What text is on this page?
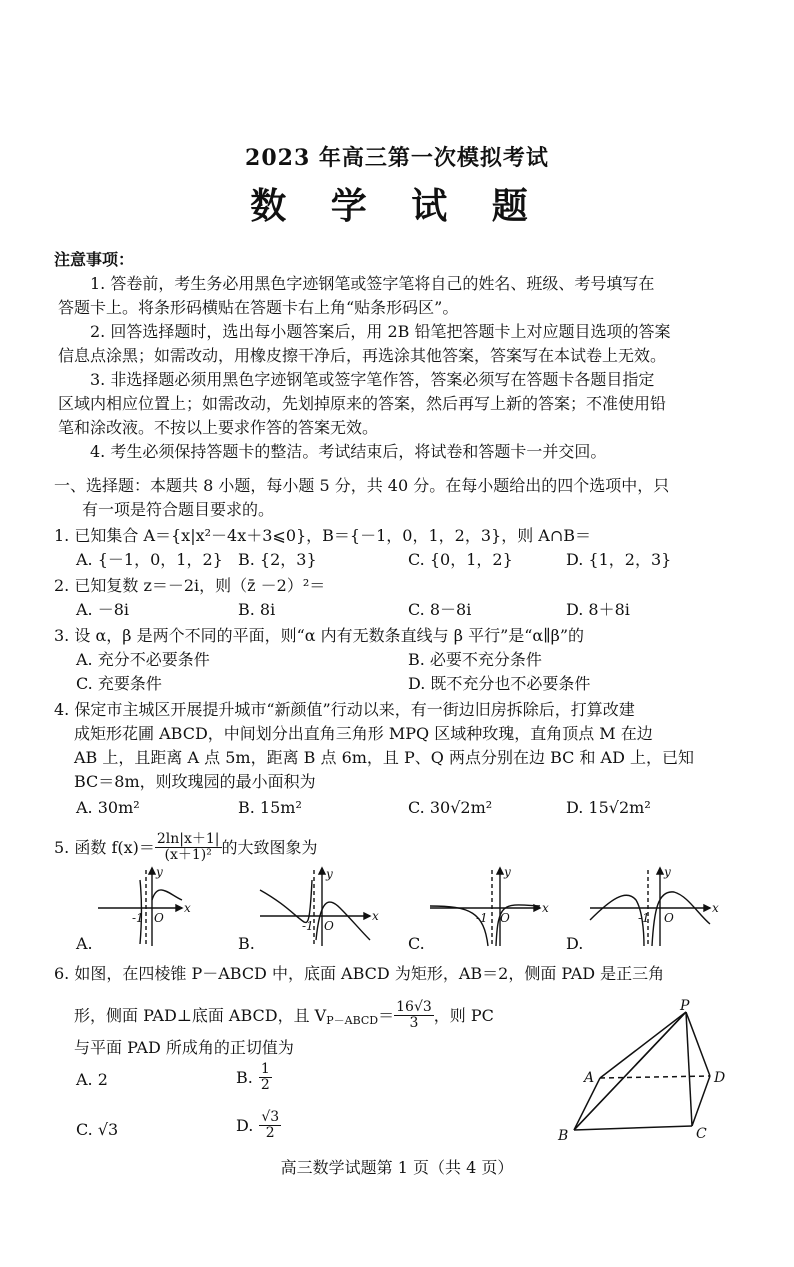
2023 年高三第一次模拟考试
数 学 试 题
注意事项：
1. 答卷前，考生务必用黑色字迹钢笔或签字笔将自己的姓名、班级、考号填写在
答题卡上。将条形码横贴在答题卡右上角“贴条形码区”。
2. 回答选择题时，选出每小题答案后，用 2B 铅笔把答题卡上对应题目选项的答案
信息点涂黑；如需改动，用橡皮擦干净后，再选涂其他答案，答案写在本试卷上无效。
3. 非选择题必须用黑色字迹钢笔或签字笔作答，答案必须写在答题卡各题目指定
区域内相应位置上；如需改动，先划掉原来的答案，然后再写上新的答案；不准使用铅
笔和涂改液。不按以上要求作答的答案无效。
4. 考生必须保持答题卡的整洁。考试结束后，将试卷和答题卡一并交回。
一、选择题：本题共 8 小题，每小题 5 分，共 40 分。在每小题给出的四个选项中，只
有一项是符合题目要求的。
1. 已知集合 A＝{x|x²－4x＋3⩽0}，B＝{－1，0，1，2，3}，则 A∩B＝
A. {－1，0，1，2} B. {2，3}	C. {0，1，2}	D. {1，2，3}
2. 已知复数 z＝－2i，则（z̄ －2）²＝
A. －8i	B. 8i	C. 8－8i	D. 8＋8i
3. 设 α，β 是两个不同的平面，则“α 内有无数条直线与 β 平行”是“α∥β”的
A. 充分不必要条件	B. 必要不充分条件
C. 充要条件	D. 既不充分也不必要条件
4. 保定市主城区开展提升城市“新颜值”行动以来，有一街边旧房拆除后，打算改建
成矩形花圃 ABCD，中间划分出直角三角形 MPQ 区域种玫瑰，直角顶点 M 在边
AB 上，且距离 A 点 5m，距离 B 点 6m，且 P、Q 两点分别在边 BC 和 AD 上，已知
BC＝8m，则玫瑰园的最小面积为
A. 30m²	B. 15m²	C. 30√2m²	D. 15√2m²
5. 函数 $f(x)= \frac{2\ln|x+1|}{\text{(x＋1)²}}$ 的大致图象为
x
y
-1 O	x
y
-1 O
x
y
-1 O
x
y
-1 O
A.	B.	C.	D.
6. 如图，在四棱锥 P－ABCD 中，底面 ABCD 为矩形，AB＝2，侧面 PAD 是正三角
形，侧面 PAD⊥底面 ABCD，且 V P－ABCD ＝ $\frac{16√3}{3}$ ，则 PC
与平面 PAD 所成角的正切值为
A. 2	B. $\frac{1}{2}$
C. √3	D. $\frac{√3}{2}$
P
A
B	C
D
高三数学试题第 1 页（共 4 页）
